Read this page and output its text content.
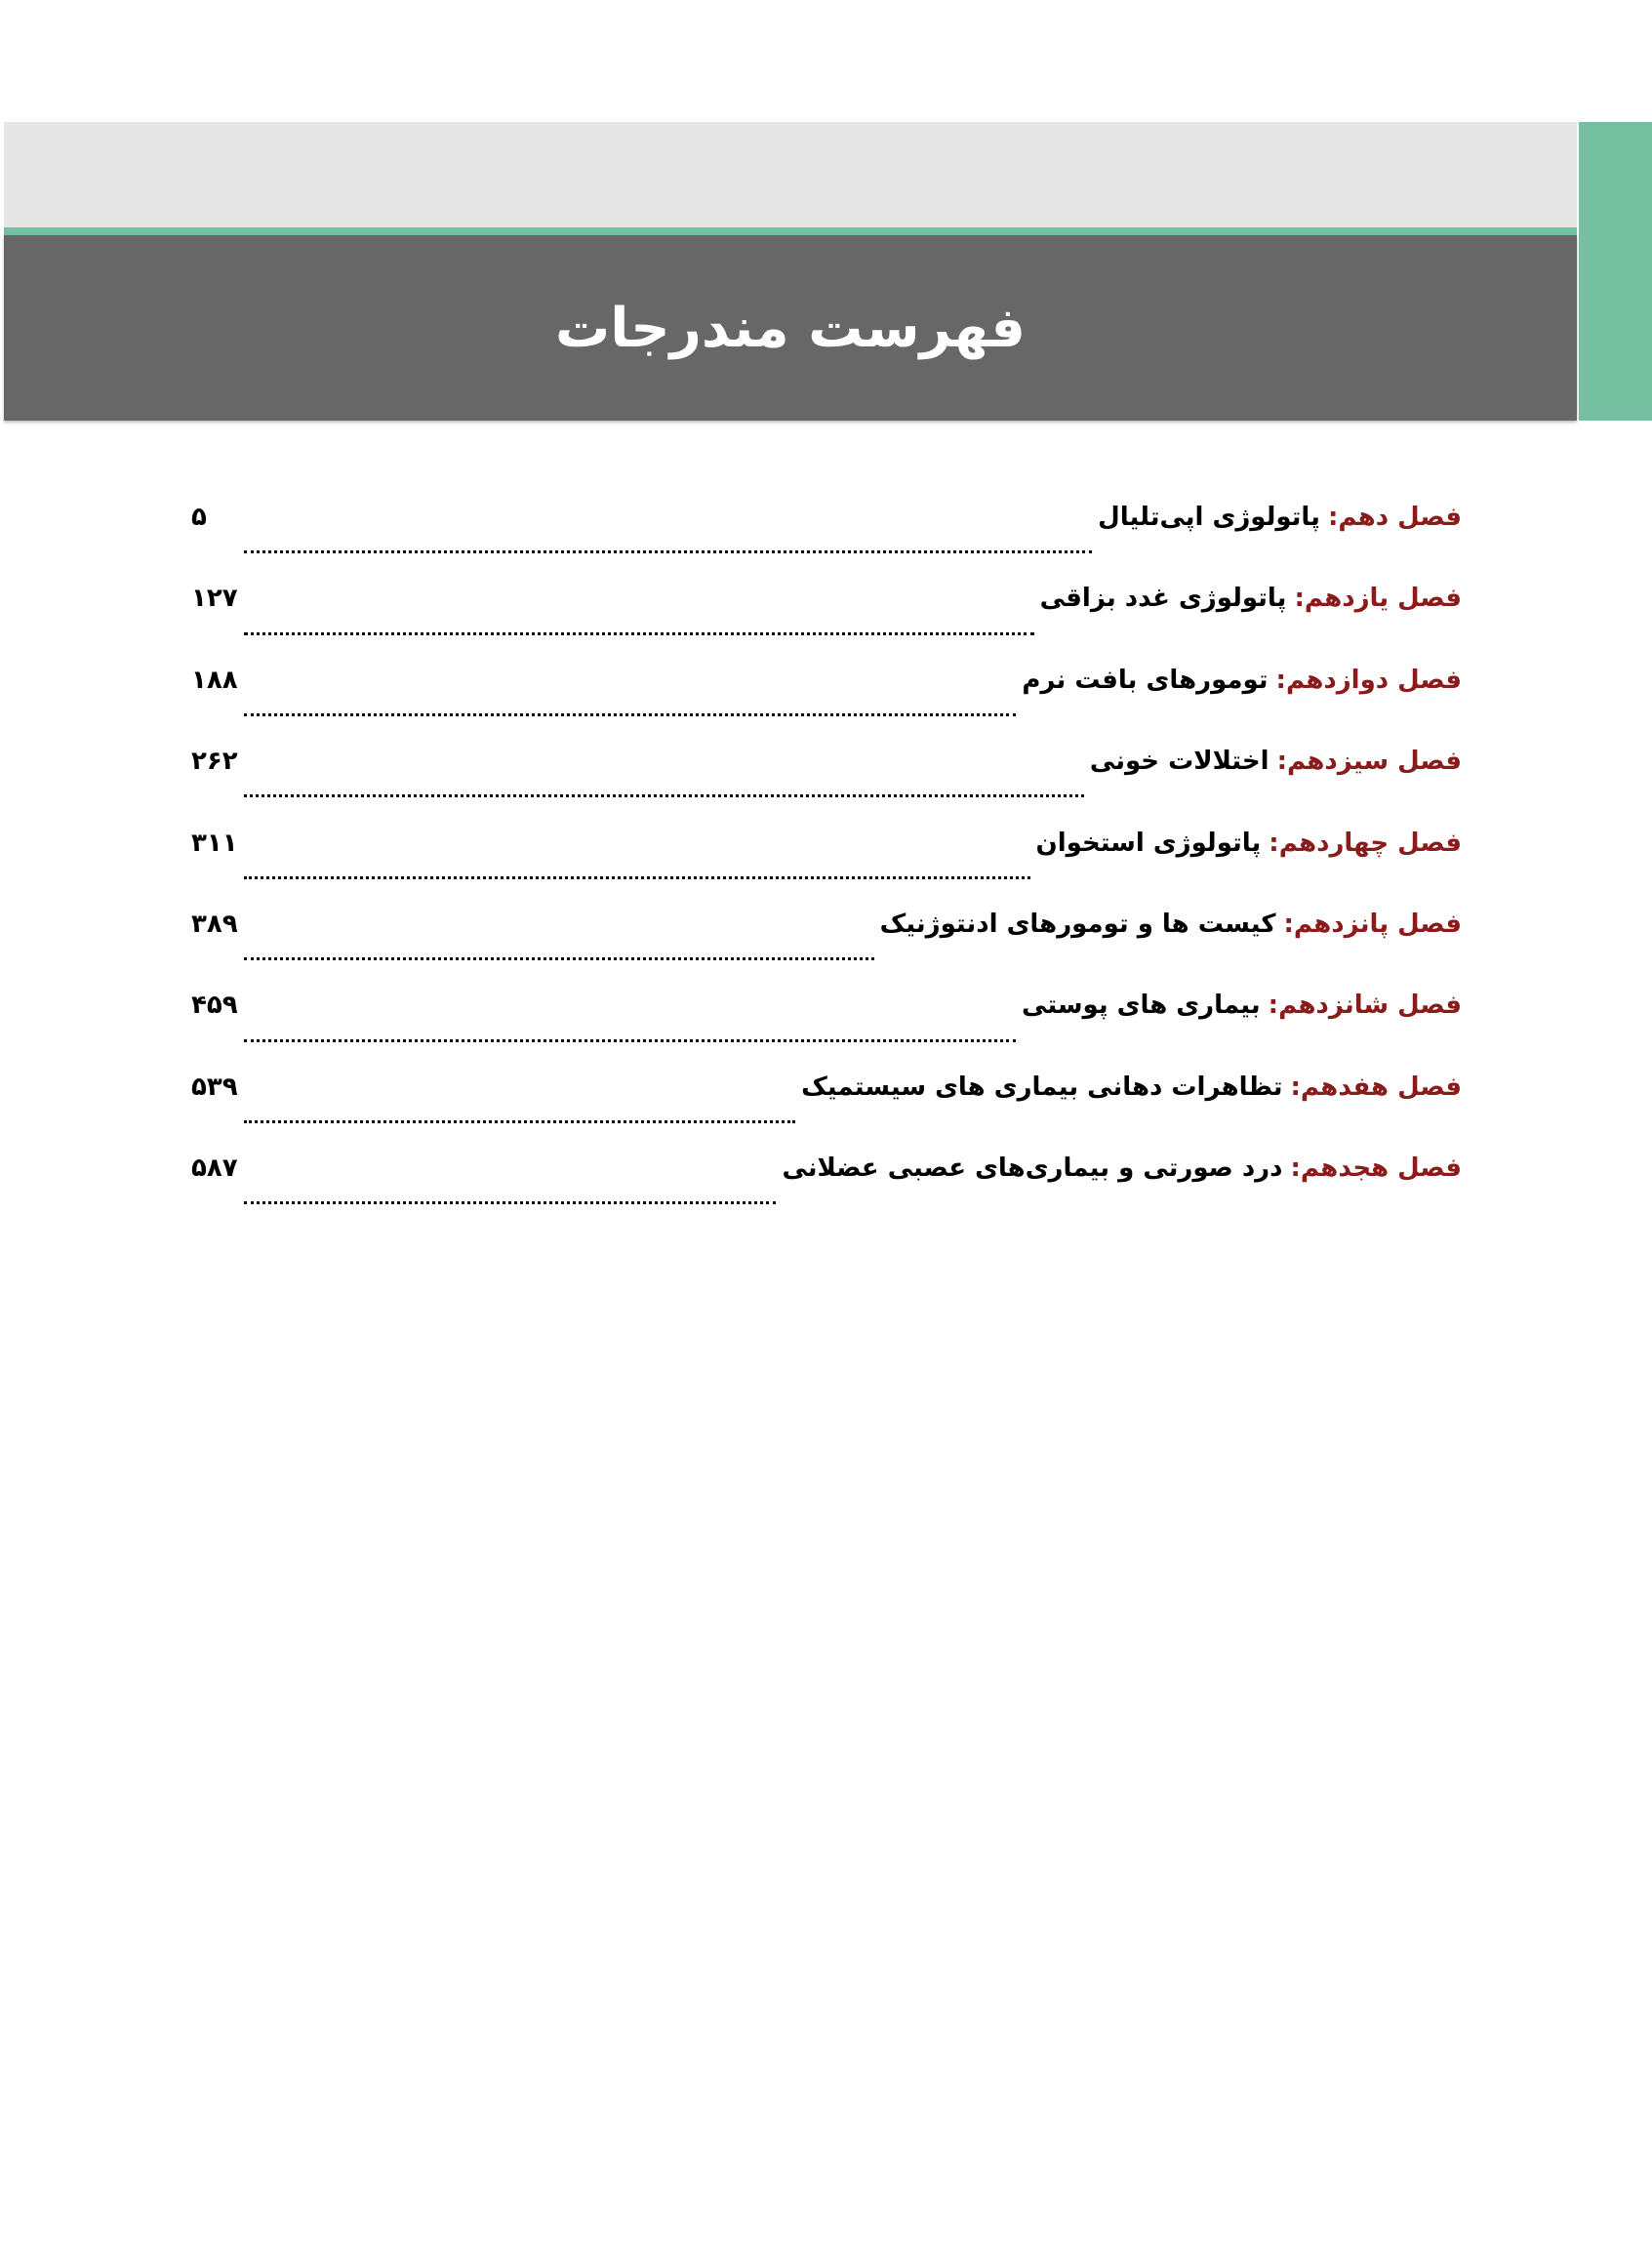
فهرست مندرجات
فصل دهم:
پاتولوژی اپی‌تلیال
۵
فصل یازدهم:
پاتولوژی غدد بزاقی
۱۲۷
فصل دوازدهم:
تومورهای بافت نرم
۱۸۸
فصل سیزدهم:
اختلالات خونی
۲۶۲
فصل چهاردهم:
پاتولوژی استخوان
۳۱۱
فصل پانزدهم:
کیست ها و تومورهای ادنتوژنیک
۳۸۹
فصل شانزدهم:
بیماری های پوستی
۴۵۹
فصل هفدهم:
تظاهرات دهانی بیماری های سیستمیک
۵۳۹
فصل هجدهم:
درد صورتی و بیماری‌های عصبی عضلانی
۵۸۷
